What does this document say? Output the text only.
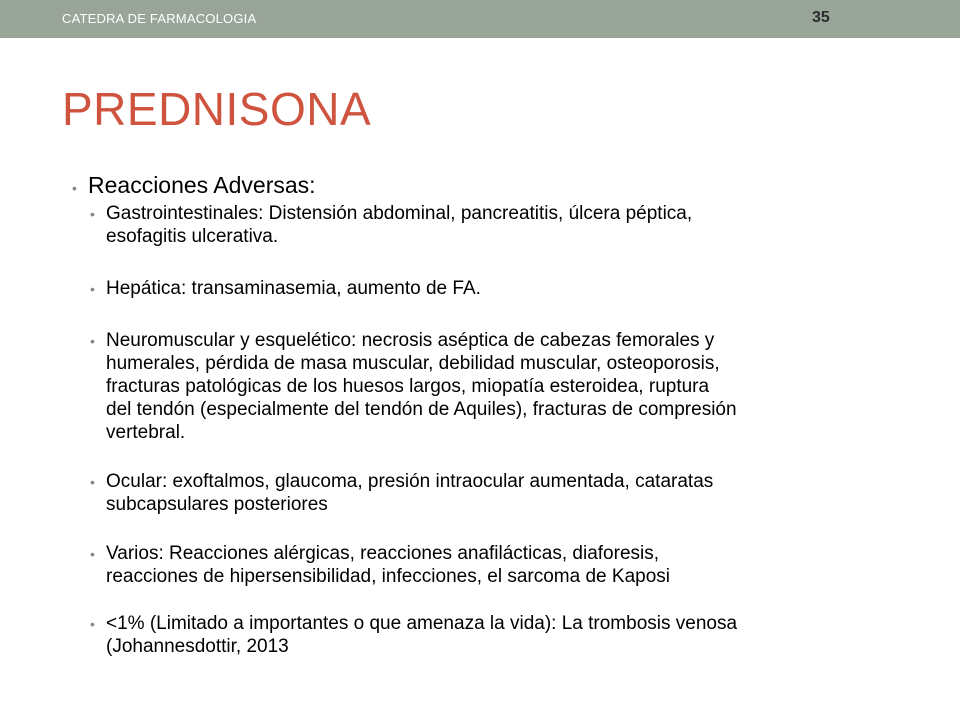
CATEDRA DE FARMACOLOGIA	35
PREDNISONA
• Reacciones Adversas:
• Gastrointestinales: Distensión abdominal, pancreatitis, úlcera péptica,
esofagitis ulcerativa.
• Hepática: transaminasemia, aumento de FA.
• Neuromuscular y esquelético: necrosis aséptica de cabezas femorales y
humerales, pérdida de masa muscular, debilidad muscular, osteoporosis,
fracturas patológicas de los huesos largos, miopatía esteroidea, ruptura
del tendón (especialmente del tendón de Aquiles), fracturas de compresión
vertebral.
• Ocular: exoftalmos, glaucoma, presión intraocular aumentada, cataratas
subcapsulares posteriores
• Varios: Reacciones alérgicas, reacciones anafilácticas, diaforesis,
reacciones de hipersensibilidad, infecciones, el sarcoma de Kaposi
• <1% (Limitado a importantes o que amenaza la vida): La trombosis venosa
(Johannesdottir, 2013
